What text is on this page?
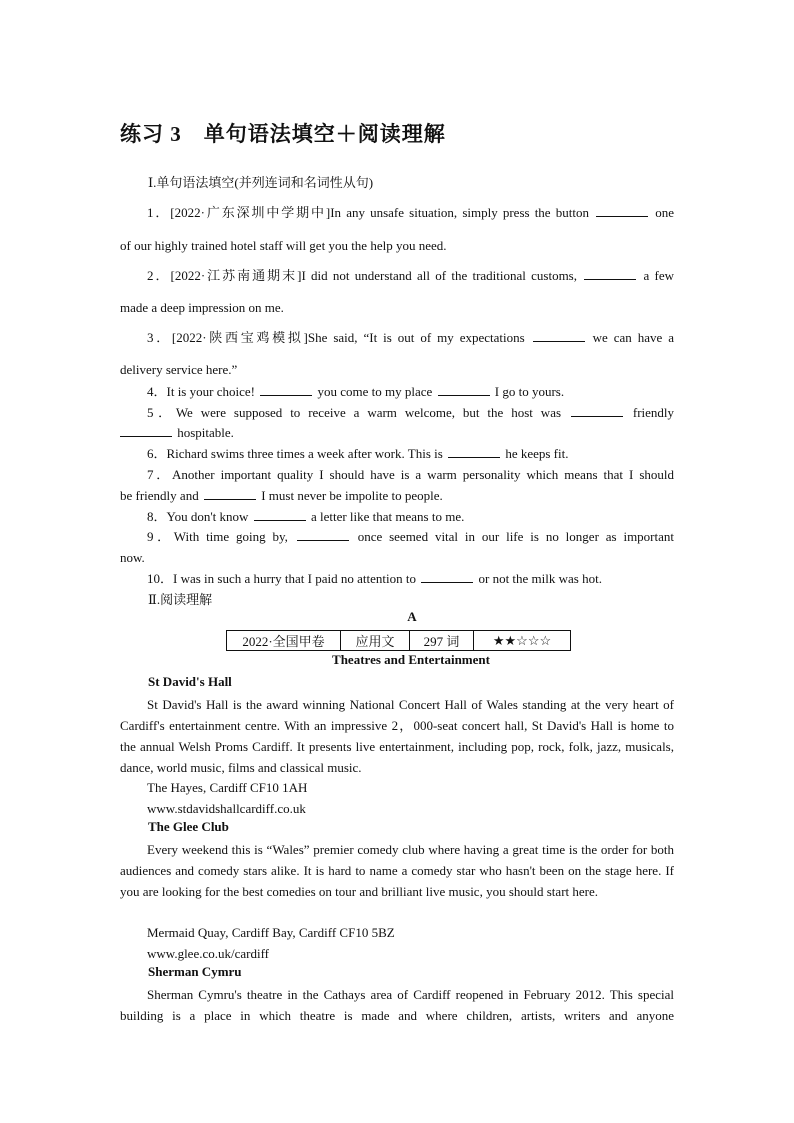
练习 3 单句语法填空＋阅读理解
Ⅰ.单句语法填空(并列连词和名词性从句)
1．[2022·广东深圳中学期中]In any unsafe situation, simply press the button	one
of our highly trained hotel staff will get you the help you need.
2．[2022·江苏南通期末]I did not understand all of the traditional customs,	a few
made a deep impression on me.
3．[2022·陕西宝鸡模拟]She said, “It is out of my expectations	we can have a
delivery service here.”
4．It is your choice!	you come to my place	I go to yours.
5．We were supposed to receive a warm welcome, but the host was	friendly
hospitable.
6．Richard swims three times a week after work. This is	he keeps fit.
7．Another important quality I should have is a warm personality which means that I should
be friendly and	I must never be impolite to people.
8．You don't know	a letter like that means to me.
9．With time going by,	once seemed vital in our life is no longer as important
now.
10．I was in such a hurry that I paid no attention to	or not the milk was hot.
Ⅱ.阅读理解
A
2022·全国甲卷	应用文	297 词	★★☆☆☆
Theatres and Entertainment
St David's Hall
St David's Hall is the award winning National Concert Hall of Wales standing at the very heart of Cardiff's entertainment centre. With an impressive 2，000-seat concert hall, St David's Hall is home to the annual Welsh Proms Cardiff. It presents live entertainment, including pop, rock, folk, jazz, musicals, dance, world music, films and classical music.
The Hayes, Cardiff CF10 1AH
www.stdavidshallcardiff.co.uk
The Glee Club
Every weekend this is “Wales” premier comedy club where having a great time is the order for both audiences and comedy stars alike. It is hard to name a comedy star who hasn't been on the stage here. If you are looking for the best comedies on tour and brilliant live music, you should start here.
Mermaid Quay, Cardiff Bay, Cardiff CF10 5BZ
www.glee.co.uk/cardiff
Sherman Cymru
Sherman Cymru's theatre in the Cathays area of Cardiff reopened in February 2012. This special building is a place in which theatre is made and where children, artists, writers and anyone
